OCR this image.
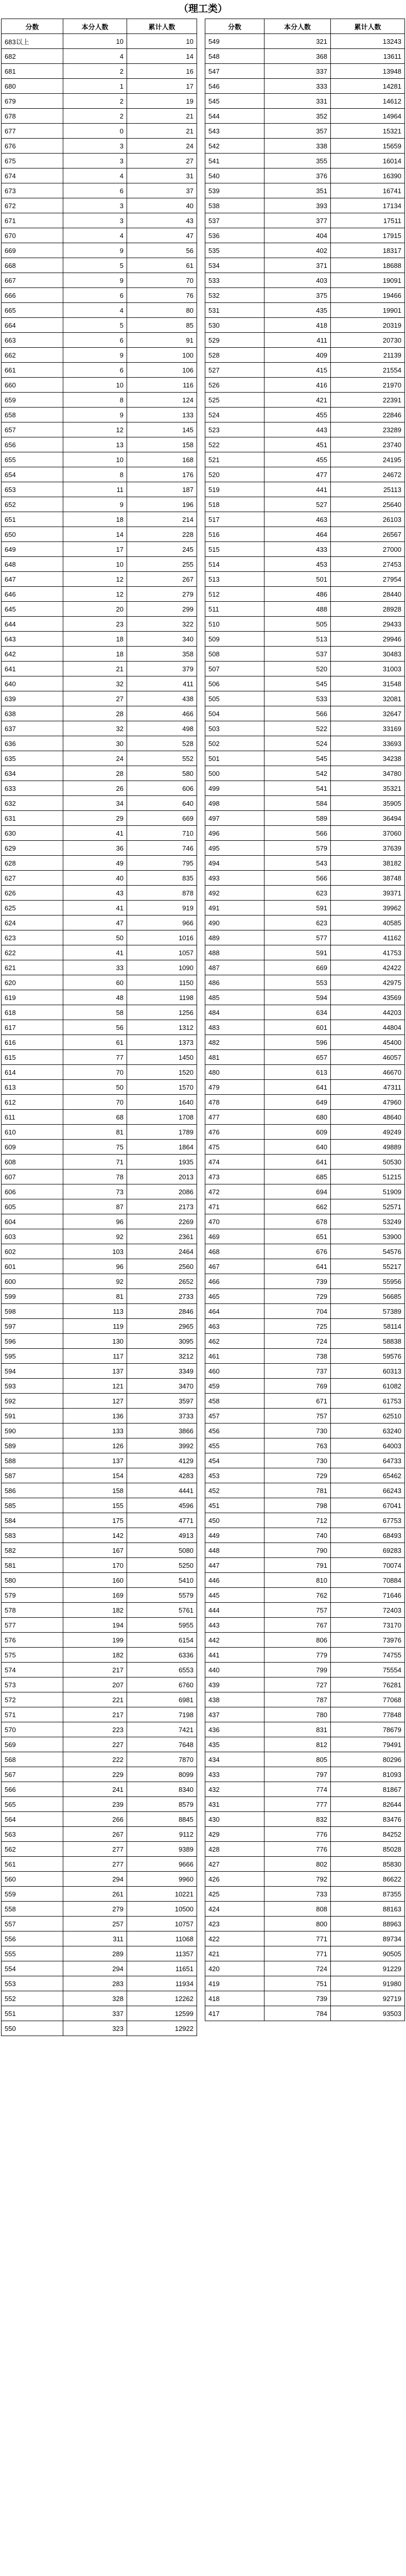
（理工类）
分数	本分人数	累计人数
683以上	10	10
682	4	14
681	2	16
680	1	17
679	2	19
678	2	21
677	0	21
676	3	24
675	3	27
674	4	31
673	6	37
672	3	40
671	3	43
670	4	47
669	9	56
668	5	61
667	9	70
666	6	76
665	4	80
664	5	85
663	6	91
662	9	100
661	6	106
660	10	116
659	8	124
658	9	133
657	12	145
656	13	158
655	10	168
654	8	176
653	11	187
652	9	196
651	18	214
650	14	228
649	17	245
648	10	255
647	12	267
646	12	279
645	20	299
644	23	322
643	18	340
642	18	358
641	21	379
640	32	411
639	27	438
638	28	466
637	32	498
636	30	528
635	24	552
634	28	580
633	26	606
632	34	640
631	29	669
630	41	710
629	36	746
628	49	795
627	40	835
626	43	878
625	41	919
624	47	966
623	50	1016
622	41	1057
621	33	1090
620	60	1150
619	48	1198
618	58	1256
617	56	1312
616	61	1373
615	77	1450
614	70	1520
613	50	1570
612	70	1640
611	68	1708
610	81	1789
609	75	1864
608	71	1935
607	78	2013
606	73	2086
605	87	2173
604	96	2269
603	92	2361
602	103	2464
601	96	2560
600	92	2652
599	81	2733
598	113	2846
597	119	2965
596	130	3095
595	117	3212
594	137	3349
593	121	3470
592	127	3597
591	136	3733
590	133	3866
589	126	3992
588	137	4129
587	154	4283
586	158	4441
585	155	4596
584	175	4771
583	142	4913
582	167	5080
581	170	5250
580	160	5410
579	169	5579
578	182	5761
577	194	5955
576	199	6154
575	182	6336
574	217	6553
573	207	6760
572	221	6981
571	217	7198
570	223	7421
569	227	7648
568	222	7870
567	229	8099
566	241	8340
565	239	8579
564	266	8845
563	267	9112
562	277	9389
561	277	9666
560	294	9960
559	261	10221
558	279	10500
557	257	10757
556	311	11068
555	289	11357
554	294	11651
553	283	11934
552	328	12262
551	337	12599
550	323	12922
分数	本分人数	累计人数
549	321	13243
548	368	13611
547	337	13948
546	333	14281
545	331	14612
544	352	14964
543	357	15321
542	338	15659
541	355	16014
540	376	16390
539	351	16741
538	393	17134
537	377	17511
536	404	17915
535	402	18317
534	371	18688
533	403	19091
532	375	19466
531	435	19901
530	418	20319
529	411	20730
528	409	21139
527	415	21554
526	416	21970
525	421	22391
524	455	22846
523	443	23289
522	451	23740
521	455	24195
520	477	24672
519	441	25113
518	527	25640
517	463	26103
516	464	26567
515	433	27000
514	453	27453
513	501	27954
512	486	28440
511	488	28928
510	505	29433
509	513	29946
508	537	30483
507	520	31003
506	545	31548
505	533	32081
504	566	32647
503	522	33169
502	524	33693
501	545	34238
500	542	34780
499	541	35321
498	584	35905
497	589	36494
496	566	37060
495	579	37639
494	543	38182
493	566	38748
492	623	39371
491	591	39962
490	623	40585
489	577	41162
488	591	41753
487	669	42422
486	553	42975
485	594	43569
484	634	44203
483	601	44804
482	596	45400
481	657	46057
480	613	46670
479	641	47311
478	649	47960
477	680	48640
476	609	49249
475	640	49889
474	641	50530
473	685	51215
472	694	51909
471	662	52571
470	678	53249
469	651	53900
468	676	54576
467	641	55217
466	739	55956
465	729	56685
464	704	57389
463	725	58114
462	724	58838
461	738	59576
460	737	60313
459	769	61082
458	671	61753
457	757	62510
456	730	63240
455	763	64003
454	730	64733
453	729	65462
452	781	66243
451	798	67041
450	712	67753
449	740	68493
448	790	69283
447	791	70074
446	810	70884
445	762	71646
444	757	72403
443	767	73170
442	806	73976
441	779	74755
440	799	75554
439	727	76281
438	787	77068
437	780	77848
436	831	78679
435	812	79491
434	805	80296
433	797	81093
432	774	81867
431	777	82644
430	832	83476
429	776	84252
428	776	85028
427	802	85830
426	792	86622
425	733	87355
424	808	88163
423	800	88963
422	771	89734
421	771	90505
420	724	91229
419	751	91980
418	739	92719
417	784	93503
